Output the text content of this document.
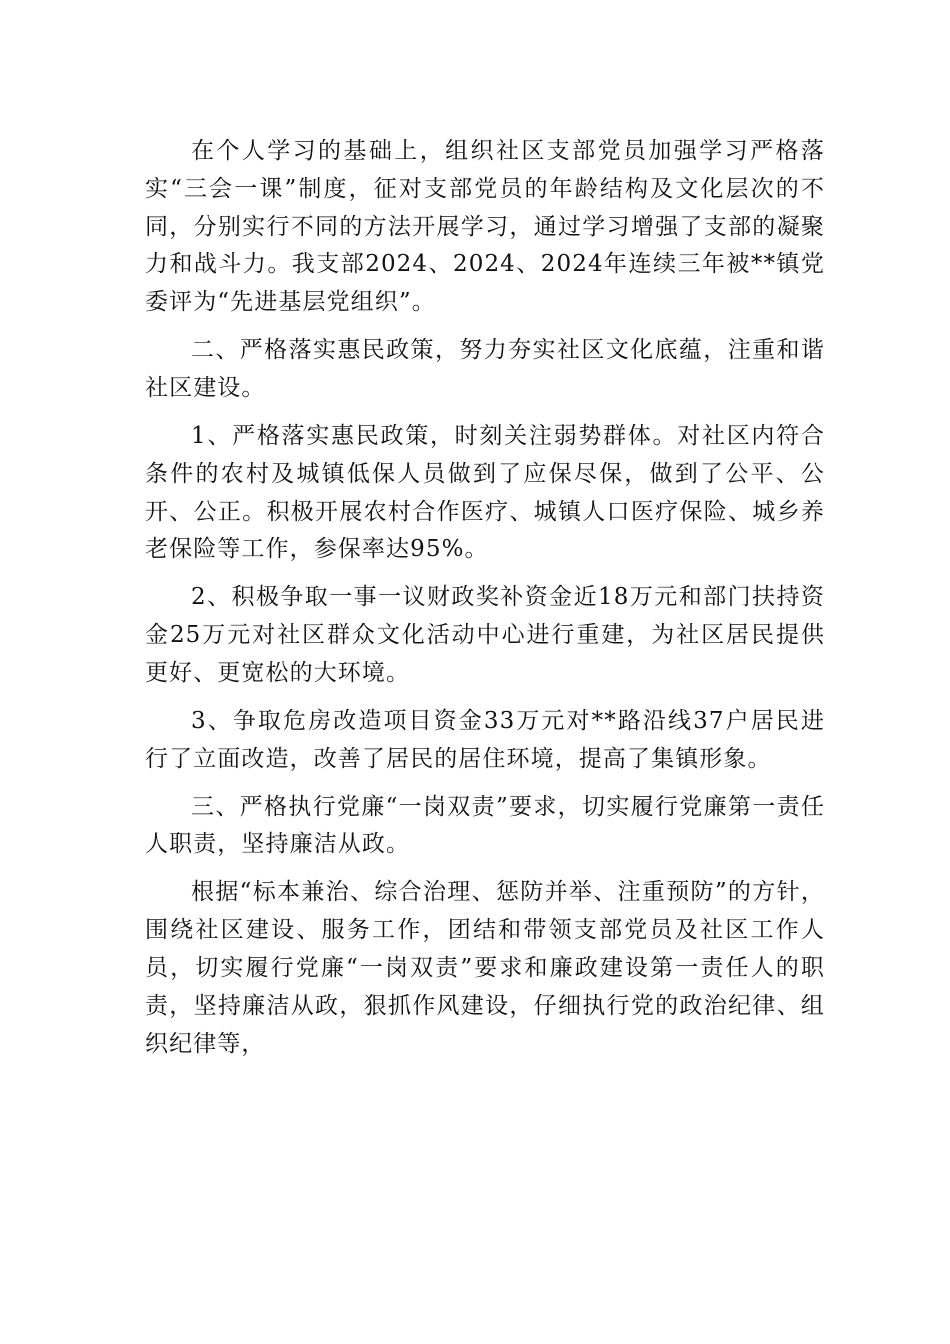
在个人学习的基础上，组织社区支部党员加强学习严格落实“三会一课”制度，征对支部党员的年龄结构及文化层次的不同，分别实行不同的方法开展学习，通过学习增强了支部的凝聚力和战斗力。我支部2024、2024、2024年连续三年被**镇党委评为“先进基层党组织”。

二、严格落实惠民政策，努力夯实社区文化底蕴，注重和谐社区建设。

1、严格落实惠民政策，时刻关注弱势群体。对社区内符合条件的农村及城镇低保人员做到了应保尽保，做到了公平、公开、公正。积极开展农村合作医疗、城镇人口医疗保险、城乡养老保险等工作，参保率达95%。

2、积极争取一事一议财政奖补资金近18万元和部门扶持资金25万元对社区群众文化活动中心进行重建，为社区居民提供更好、更宽松的大环境。

3、争取危房改造项目资金33万元对**路沿线37户居民进行了立面改造，改善了居民的居住环境，提高了集镇形象。

三、严格执行党廉“一岗双责”要求，切实履行党廉第一责任人职责，坚持廉洁从政。

根据“标本兼治、综合治理、惩防并举、注重预防”的方针，围绕社区建设、服务工作，团结和带领支部党员及社区工作人员，切实履行党廉“一岗双责”要求和廉政建设第一责任人的职责，坚持廉洁从政，狠抓作风建设，仔细执行党的政治纪律、组织纪律等，
